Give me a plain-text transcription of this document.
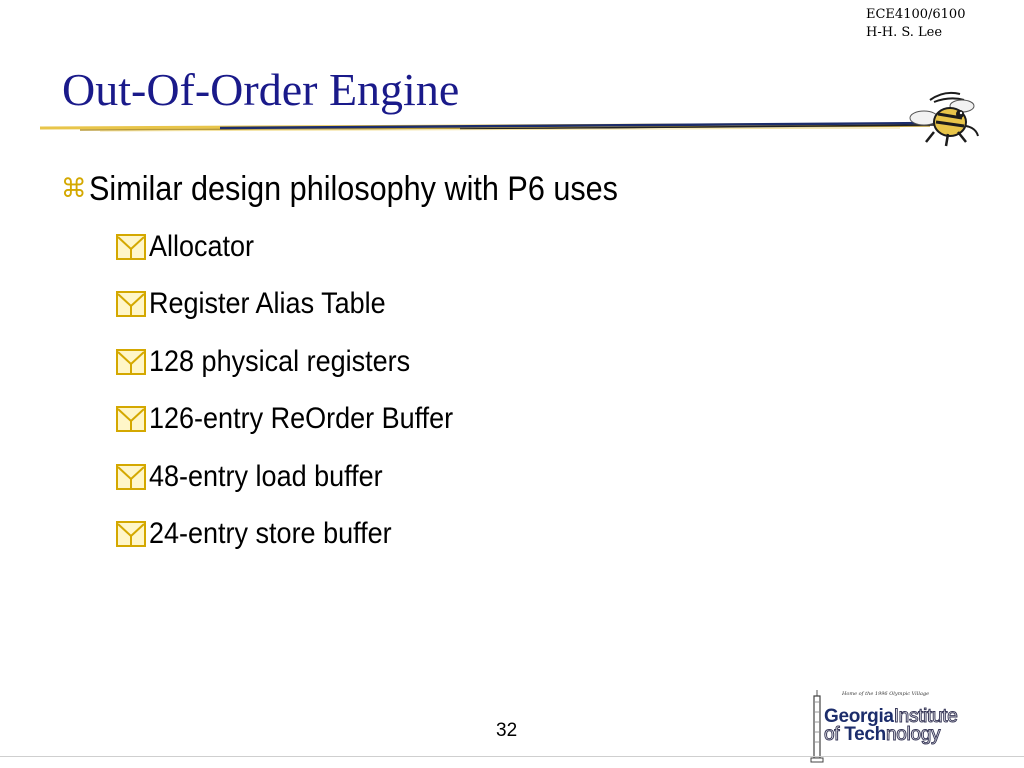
ECE4100/6100
H-H. S. Lee
Out-Of-Order Engine
⌘ Similar design philosophy with P6 uses
Allocator
Register Alias Table
128 physical registers
126-entry ReOrder Buffer
48-entry load buffer
24-entry store buffer
32
Home of the 1996 Olympic Village
GeorgiaInstitute
of Technology
